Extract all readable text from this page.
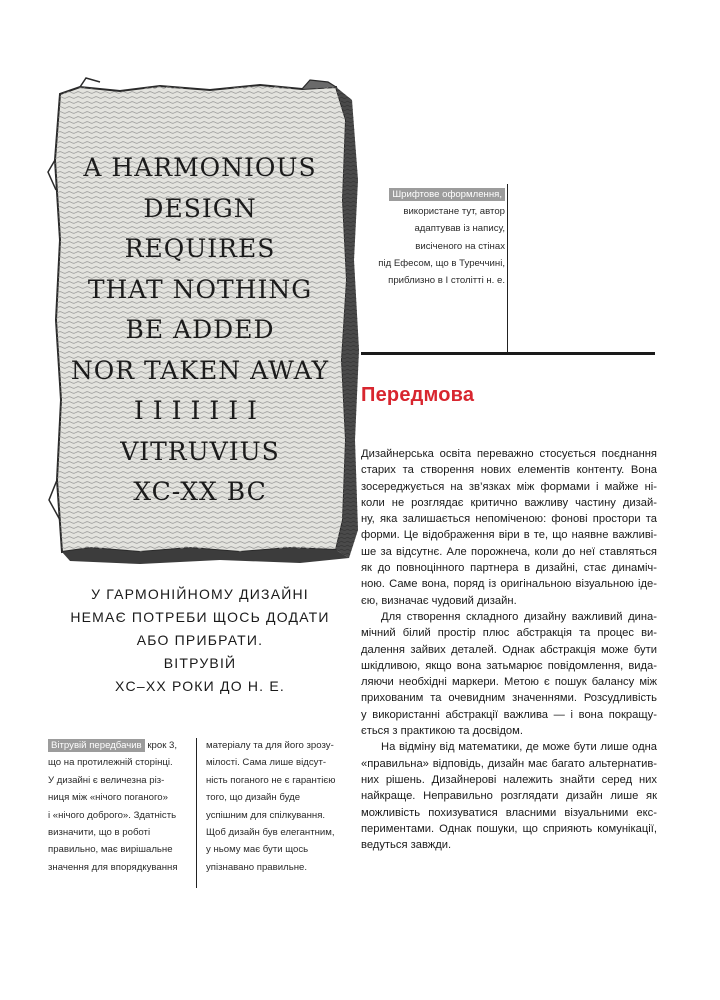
A HARMONIOUS
DESIGN
REQUIRES
THAT NOTHING
BE ADDED
NOR TAKEN AWAY
IIIIIII
VITRUVIUS
XC-XX BC
У ГАРМОНІЙНОМУ ДИЗАЙНІ
НЕМАЄ ПОТРЕБИ ЩОСЬ ДОДАТИ
АБО ПРИБРАТИ.
ВІТРУВІЙ
XC–XX РОКИ ДО Н. Е.
Шрифтове оформлення,
використане тут, автор
адаптував із напису,
висіченого на стінах
під Ефесом, що в Туреччині,
приблизно в I столітті н. е.
Передмова
Дизайнерська освіта переважно стосується поєднання
старих та створення нових елементів контенту. Вона
зосереджується на зв’язках між формами і майже ні-
коли не розглядає критично важливу частину дизай-
ну, яка залишається непоміченою: фонові простори та
форми. Це відображення віри в те, що наявне важливі-
ше за відсутнє. Але порожнеча, коли до неї ставляться
як до повноцінного партнера в дизайні, стає динаміч-
ною. Саме вона, поряд із оригінальною візуальною іде-
єю, визначає чудовий дизайн.
Для створення складного дизайну важливий дина-
мічний білий простір плюс абстракція та процес ви-
далення зайвих деталей. Однак абстракція може бути
шкідливою, якщо вона затьмарює повідомлення, вида-
ляючи необхідні маркери. Метою є пошук балансу між
прихованим та очевидним значеннями. Розсудливість
у використанні абстракції важлива — і вона покращу-
ється з практикою та досвідом.
На відміну від математики, де може бути лише одна
«правильна» відповідь, дизайн має багато альтернатив-
них рішень. Дизайнерові належить знайти серед них
найкраще. Неправильно розглядати дизайн лише як
можливість похизуватися власними візуальними екс-
периментами. Однак пошуки, що сприяють комунікації,
ведуться завжди.
Вітрувій передбачив крок 3,
що на протилежній сторінці.
У дизайні є величезна різ-
ниця між «нічого поганого»
і «нічого доброго». Здатність
визначити, що в роботі
правильно, має вирішальне
значення для впорядкування
матеріалу та для його зрозу-
мілості. Сама лише відсут-
ність поганого не є гарантією
того, що дизайн буде
успішним для спілкування.
Щоб дизайн був елегантним,
у ньому має бути щось
упізнавано правильне.
